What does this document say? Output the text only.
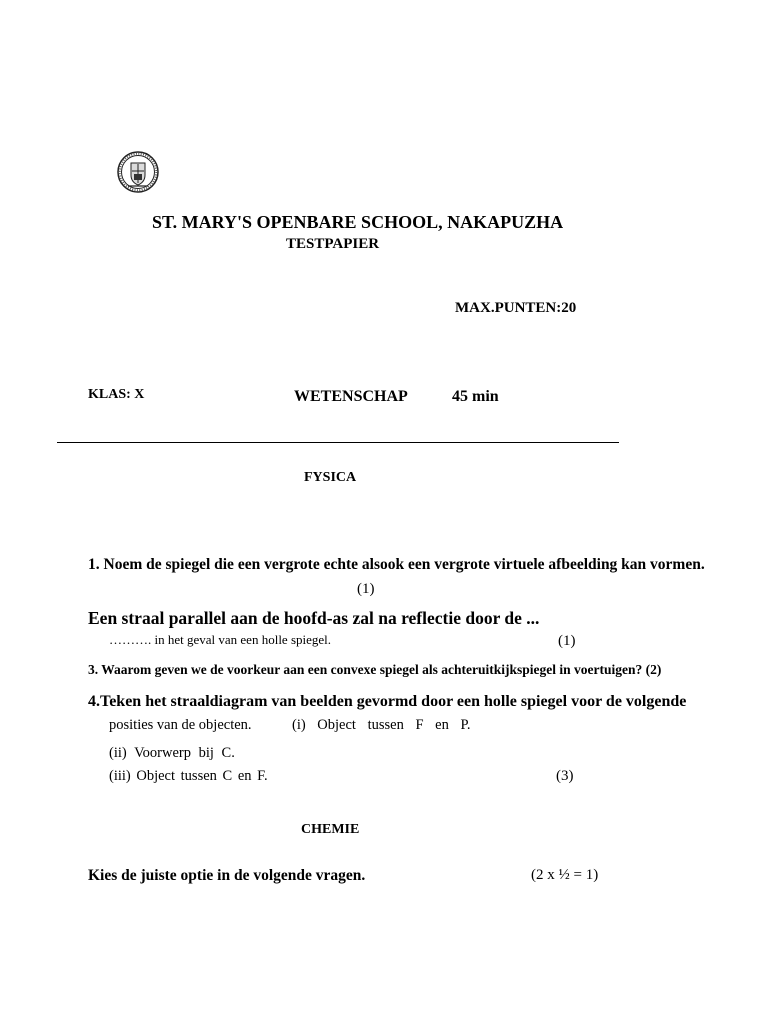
ST. MARY'S OPENBARE SCHOOL, NAKAPUZHA
TESTPAPIER
MAX.PUNTEN:20
KLAS: X	WETENSCHAP	45 min
FYSICA
1. Noem de spiegel die een vergrote echte alsook een vergrote virtuele afbeelding kan vormen.
(1)
Een straal parallel aan de hoofd-as zal na reflectie door de ...
………. in het geval van een holle spiegel.	(1)
3. Waarom geven we de voorkeur aan een convexe spiegel als achteruitkijkspiegel in voertuigen? (2)
4.Teken het straaldiagram van beelden gevormd door een holle spiegel voor de volgende
posities van de objecten.	(i) Object tussen F en P.
(ii) Voorwerp bij C.
(iii) Object tussen C en F.	(3)
CHEMIE
Kies de juiste optie in de volgende vragen.	(2 x ½ = 1)
